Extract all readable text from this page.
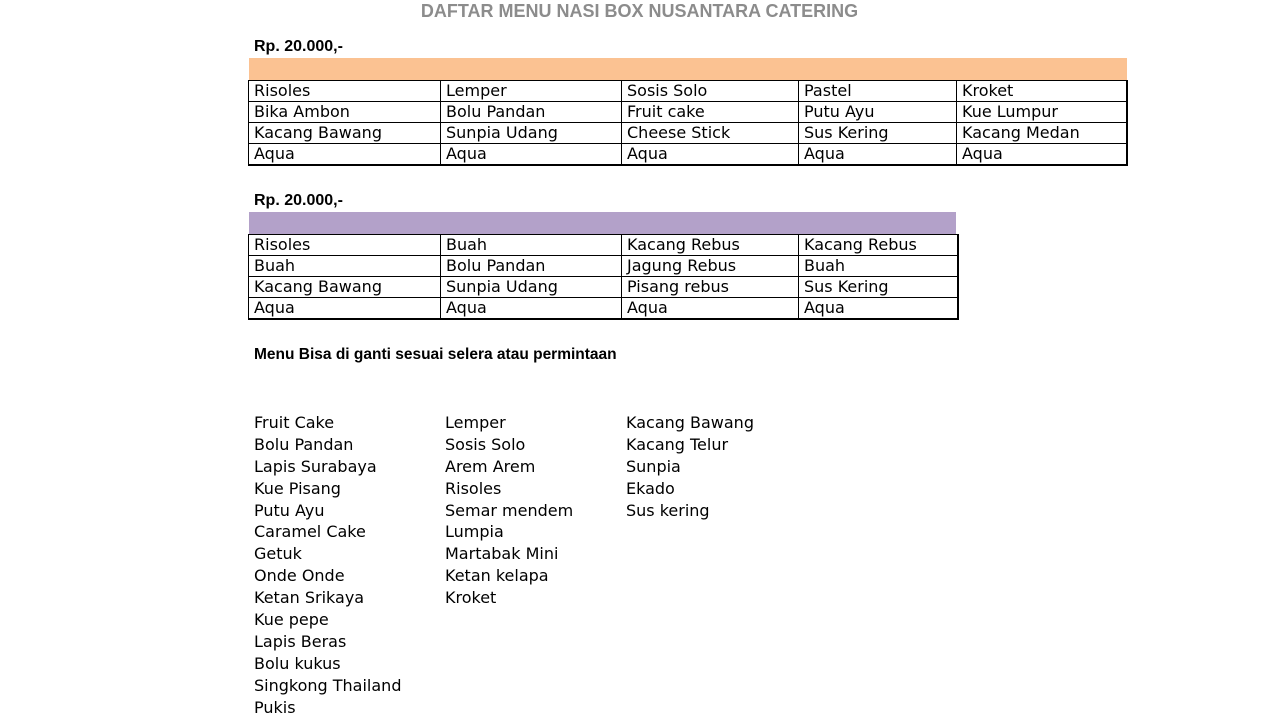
DAFTAR MENU NASI BOX NUSANTARA CATERING
Rp. 20.000,-
Risoles	Lemper	Sosis Solo	Pastel	Kroket
Bika Ambon	Bolu Pandan	Fruit cake	Putu Ayu	Kue Lumpur
Kacang Bawang	Sunpia Udang	Cheese Stick	Sus Kering	Kacang Medan
Aqua	Aqua	Aqua	Aqua	Aqua
Rp. 20.000,-
Risoles	Buah	Kacang Rebus	Kacang Rebus
Buah	Bolu Pandan	Jagung Rebus	Buah
Kacang Bawang	Sunpia Udang	Pisang rebus	Sus Kering
Aqua	Aqua	Aqua	Aqua
Menu Bisa di ganti sesuai selera atau permintaan
Fruit Cake
Bolu Pandan
Lapis Surabaya
Kue Pisang
Putu Ayu
Caramel Cake
Getuk
Onde Onde
Ketan Srikaya
Kue pepe
Lapis Beras
Bolu kukus
Singkong Thailand
Pukis
Lemper
Sosis Solo
Arem Arem
Risoles
Semar mendem
Lumpia
Martabak Mini
Ketan kelapa
Kroket
Kacang Bawang
Kacang Telur
Sunpia
Ekado
Sus kering
